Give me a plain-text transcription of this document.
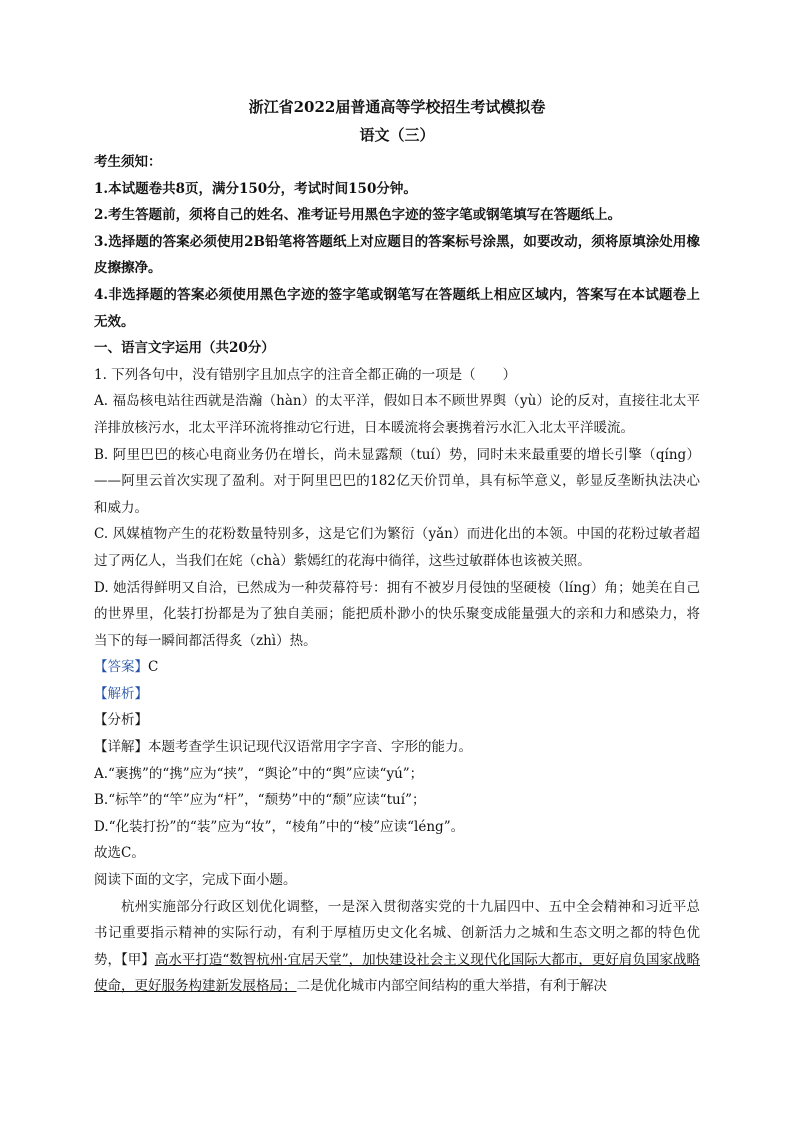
浙江省2022届普通高等学校招生考试模拟卷

语文（三）

考生须知：

1.本试题卷共8页，满分150分，考试时间150分钟。

2.考生答题前，须将自己的姓名、准考证号用黑色字迹的签字笔或钢笔填写在答题纸上。

3.选择题的答案必须使用2B铅笔将答题纸上对应题目的答案标号涂黑，如要改动，须将原填涂处用橡皮擦擦净。

4.非选择题的答案必须使用黑色字迹的签字笔或钢笔写在答题纸上相应区域内，答案写在本试题卷上无效。

一、语言文字运用（共20分）

1. 下列各句中，没有错别字且加点字的注音全都正确的一项是（　　）

A. 福岛核电站往西就是浩瀚（hàn）的太平洋，假如日本不顾世界舆（yù）论的反对，直接往北太平洋排放核污水，北太平洋环流将推动它行进，日本暖流将会裹携着污水汇入北太平洋暖流。

B. 阿里巴巴的核心电商业务仍在增长，尚未显露颓（tuí）势，同时未来最重要的增长引擎（qíng）——阿里云首次实现了盈利。对于阿里巴巴的182亿天价罚单，具有标竿意义，彰显反垄断执法决心和威力。

C. 风媒植物产生的花粉数量特别多，这是它们为繁衍（yǎn）而进化出的本领。中国的花粉过敏者超过了两亿人，当我们在姹（chà）紫嫣红的花海中徜徉，这些过敏群体也该被关照。

D. 她活得鲜明又自洽，已然成为一种荧幕符号：拥有不被岁月侵蚀的坚硬棱（líng）角；她美在自己的世界里，化装打扮都是为了独自美丽；能把质朴渺小的快乐聚变成能量强大的亲和力和感染力，将当下的每一瞬间都活得炙（zhì）热。

【答案】C

【解析】

【分析】

【详解】本题考查学生识记现代汉语常用字字音、字形的能力。

A.“裹携”的“携”应为“挟”，“舆论”中的“舆”应读“yú”；

B.“标竿”的“竿”应为“杆”，“颓势”中的“颓”应读“tuí”；

D.“化装打扮”的“装”应为“妆”，“棱角”中的“棱”应读“léng”。

故选C。

阅读下面的文字，完成下面小题。

杭州实施部分行政区划优化调整，一是深入贯彻落实党的十九届四中、五中全会精神和习近平总书记重要指示精神的实际行动，有利于厚植历史文化名城、创新活力之城和生态文明之都的特色优势，【甲】高水平打造“数智杭州·宜居天堂”，加快建设社会主义现代化国际大都市，更好肩负国家战略使命，更好服务构建新发展格局；二是优化城市内部空间结构的重大举措，有利于解决
